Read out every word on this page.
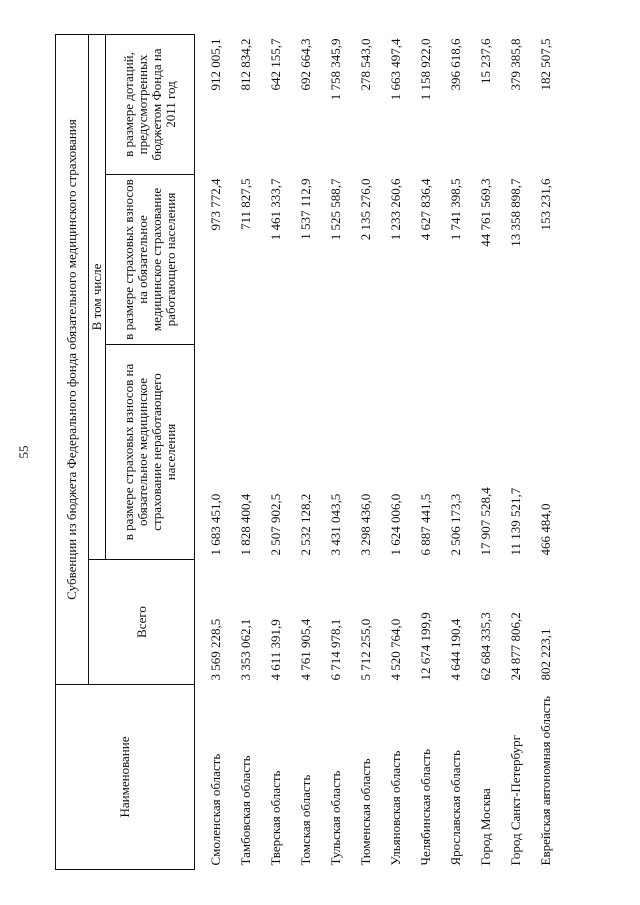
55
Наименование	Субвенции из бюджета Федерального фонда обязательного медицинского страхования			
	Всего	В том числе		
		в размере страховых взносов на обязательное медицинское страхование неработающего населения	в размере страховых взносов на обязательное медицинское страхование работающего населения	в размере дотаций, предусмотренных бюджетом Фонда на 2011 год
Смоленская область	3 569 228,5	1 683 451,0	973 772,4	912 005,1
Тамбовская область	3 353 062,1	1 828 400,4	711 827,5	812 834,2
Тверская область	4 611 391,9	2 507 902,5	1 461 333,7	642 155,7
Томская область	4 761 905,4	2 532 128,2	1 537 112,9	692 664,3
Тульская область	6 714 978,1	3 431 043,5	1 525 588,7	1 758 345,9
Тюменская область	5 712 255,0	3 298 436,0	2 135 276,0	278 543,0
Ульяновская область	4 520 764,0	1 624 006,0	1 233 260,6	1 663 497,4
Челябинская область	12 674 199,9	6 887 441,5	4 627 836,4	1 158 922,0
Ярославская область	4 644 190,4	2 506 173,3	1 741 398,5	396 618,6
Город Москва	62 684 335,3	17 907 528,4	44 761 569,3	15 237,6
Город Санкт-Петербург	24 877 806,2	11 139 521,7	13 358 898,7	379 385,8
Еврейская автономная область	802 223,1	466 484,0	153 231,6	182 507,5
